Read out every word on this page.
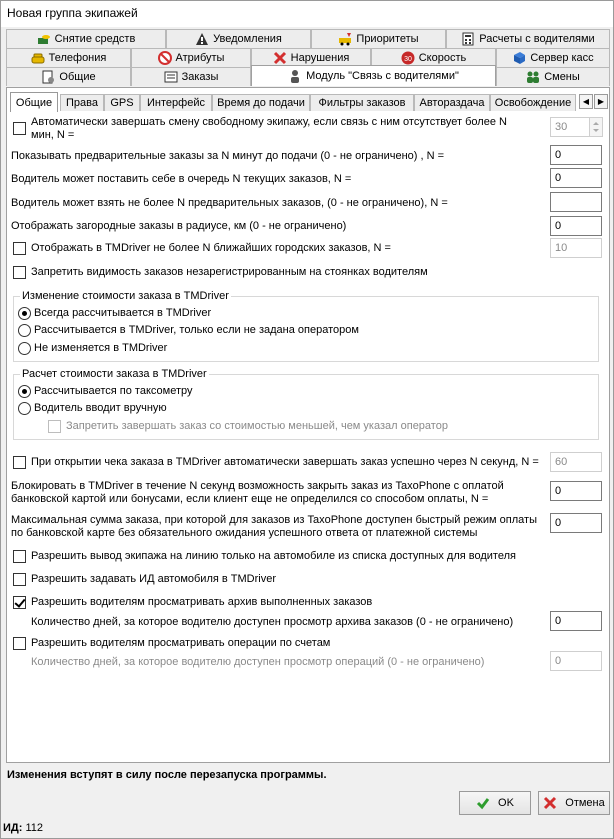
Новая группа экипажей
Снятие средств	Уведомления	Приоритеты	Расчеты с водителями
Телефония	Атрибуты	Нарушения	30 Скорость	Сервер касс
Общие	Заказы	Модуль "Связь с водителями"	Смены
Общие	Права	GPS	Интерфейс	Время до подачи	Фильтры заказов	Автораздача Освобождение	◀	▶
Автоматически завершать смену свободному экипажу, если связь с ним отсутствует более N
мин, N =
30
Показывать предварительные заказы за N минут до подачи (0 - не ограничено) , N =	0
Водитель может поставить себе в очередь N текущих заказов, N =	0
Водитель может взять не более N предварительных заказов, (0 - не ограничено), N =
Отображать загородные заказы в радиусе, км (0 - не ограничено)	0
Отображать в TMDriver не более N ближайших городских заказов, N =	10
Запретить видимость заказов незарегистрированным на стоянках водителям
Изменение стоимости заказа в TMDriver
Всегда рассчитывается в TMDriver
Рассчитывается в TMDriver, только если не задана оператором
Не изменяется в TMDriver
Расчет стоимости заказа в TMDriver
Рассчитывается по таксометру
Водитель вводит вручную
Запретить завершать заказ со стоимостью меньшей, чем указал оператор
При открытии чека заказа в TMDriver автоматически завершать заказ успешно через N секунд, N =	60
Блокировать в TMDriver в течение N секунд возможность закрыть заказ из TaxoPhone с оплатой
банковской картой или бонусами, если клиент еще не определился со способом оплаты, N =
0
Максимальная сумма заказа, при которой для заказов из TaxoPhone доступен быстрый режим оплаты
по банковской карте без обязательного ожидания успешного ответа от платежной системы
0
Разрешить вывод экипажа на линию только на автомобиле из списка доступных для водителя
Разрешить задавать ИД автомобиля в TMDriver
Разрешить водителям просматривать архив выполненных заказов
Количество дней, за которое водителю доступен просмотр архива заказов (0 - не ограничено)	0
Разрешить водителям просматривать операции по счетам
Количество дней, за которое водителю доступен просмотр операций (0 - не ограничено)	0
Изменения вступят в силу после перезапуска программы.
OK	Отмена
ИД: 112
